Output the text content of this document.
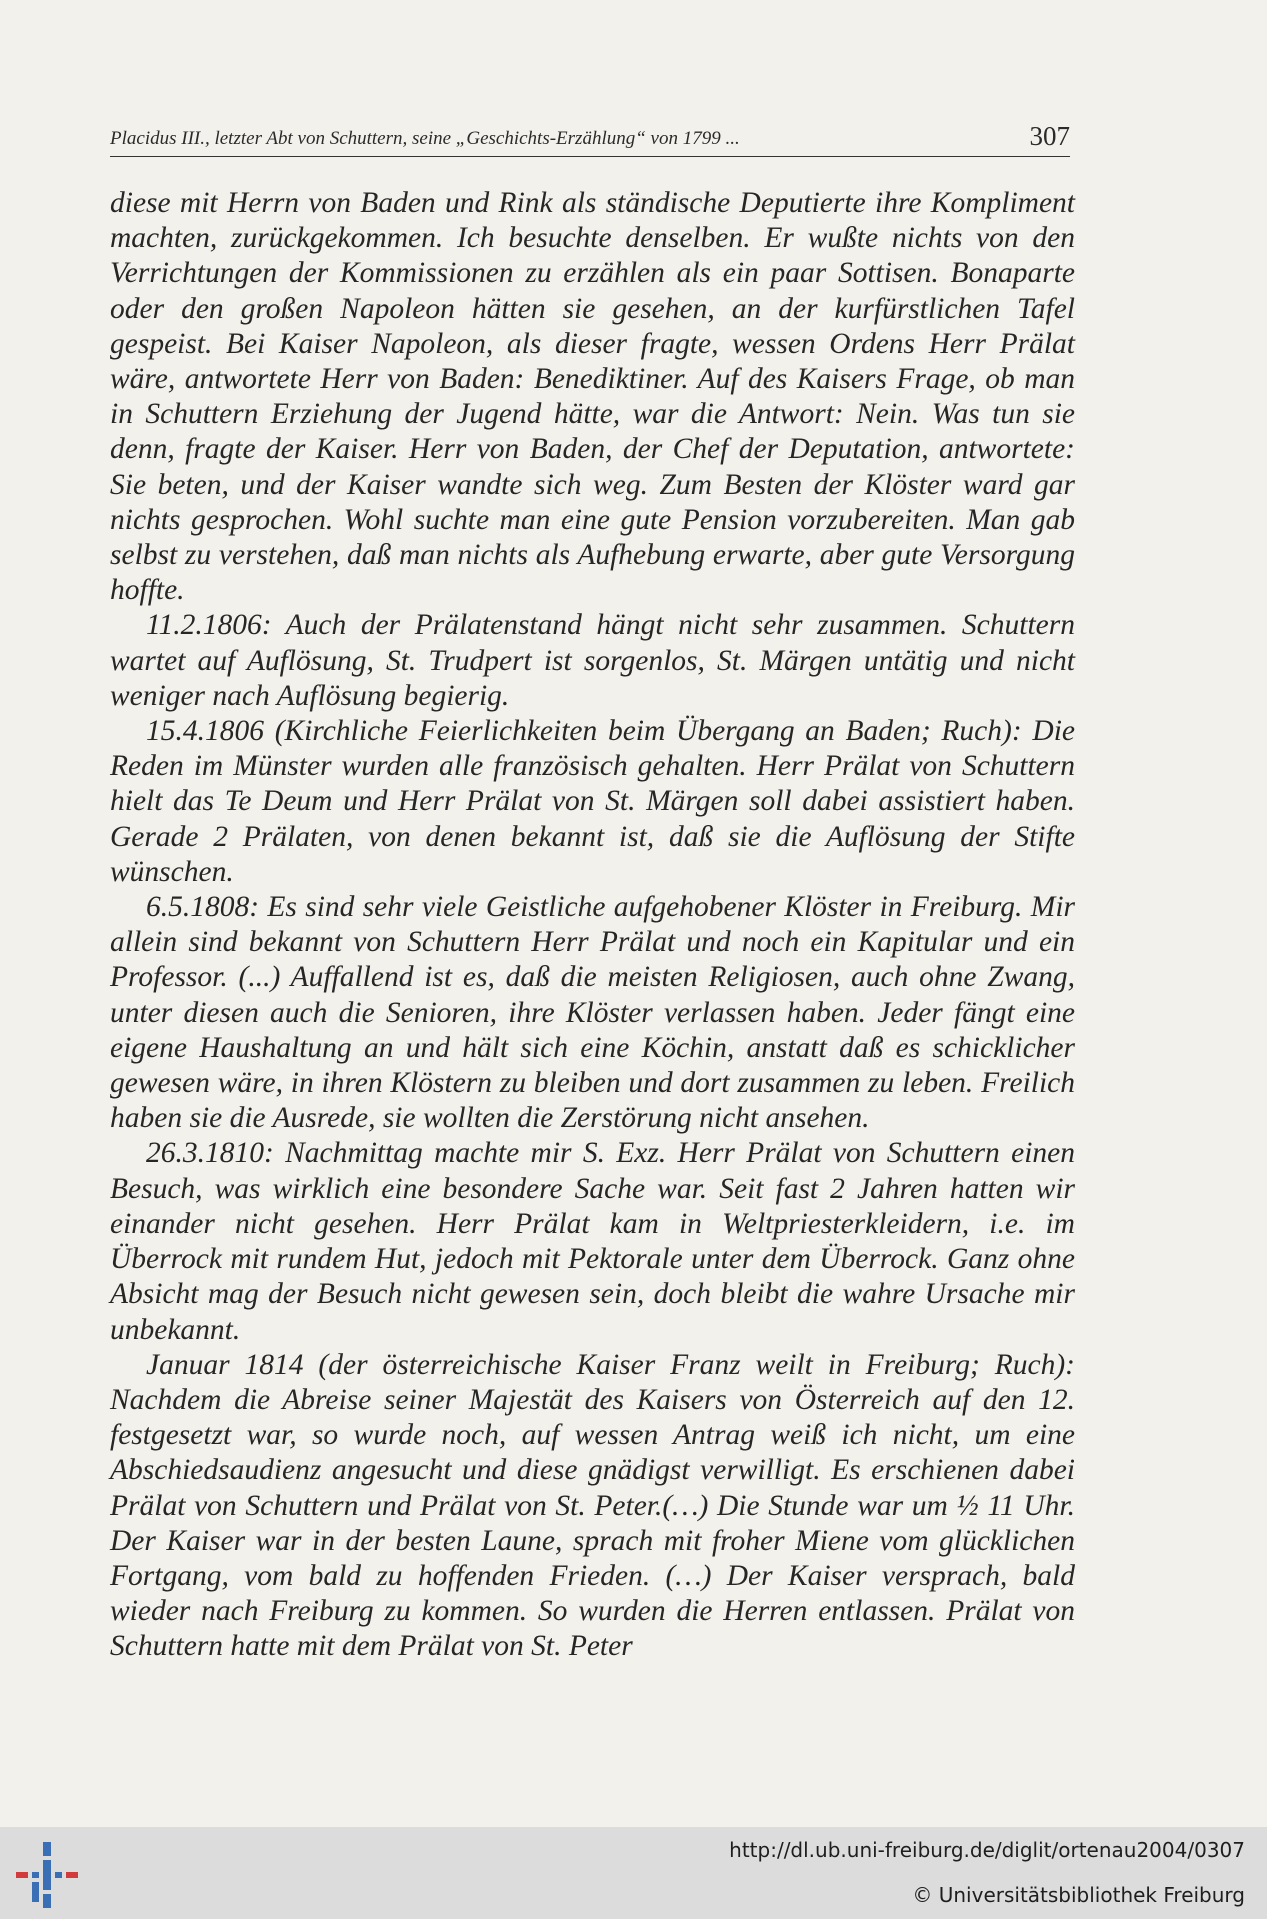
Placidus III., letzter Abt von Schuttern, seine „Geschichts-Erzählung“ von 1799 ...	307

diese mit Herrn von Baden und Rink als ständische Deputierte ihre Kompliment machten, zurückgekommen. Ich besuchte denselben. Er wußte nichts von den Verrichtungen der Kommissionen zu erzählen als ein paar Sottisen. Bonaparte oder den großen Napoleon hätten sie gesehen, an der kurfürstlichen Tafel gespeist. Bei Kaiser Napoleon, als dieser fragte, wessen Ordens Herr Prälat wäre, antwortete Herr von Baden: Benediktiner. Auf des Kaisers Frage, ob man in Schuttern Erziehung der Jugend hätte, war die Antwort: Nein. Was tun sie denn, fragte der Kaiser. Herr von Baden, der Chef der Deputation, antwortete: Sie beten, und der Kaiser wandte sich weg. Zum Besten der Klöster ward gar nichts gesprochen. Wohl suchte man eine gute Pension vorzubereiten. Man gab selbst zu verstehen, daß man nichts als Aufhebung erwarte, aber gute Versorgung hoffte.

11.2.1806: Auch der Prälatenstand hängt nicht sehr zusammen. Schuttern wartet auf Auflösung, St. Trudpert ist sorgenlos, St. Märgen untätig und nicht weniger nach Auflösung begierig.

15.4.1806 (Kirchliche Feierlichkeiten beim Übergang an Baden; Ruch): Die Reden im Münster wurden alle französisch gehalten. Herr Prälat von Schuttern hielt das Te Deum und Herr Prälat von St. Märgen soll dabei assistiert haben. Gerade 2 Prälaten, von denen bekannt ist, daß sie die Auflösung der Stifte wünschen.

6.5.1808: Es sind sehr viele Geistliche aufgehobener Klöster in Freiburg. Mir allein sind bekannt von Schuttern Herr Prälat und noch ein Kapitular und ein Professor. (...) Auffallend ist es, daß die meisten Religiosen, auch ohne Zwang, unter diesen auch die Senioren, ihre Klöster verlassen haben. Jeder fängt eine eigene Haushaltung an und hält sich eine Köchin, anstatt daß es schicklicher gewesen wäre, in ihren Klöstern zu bleiben und dort zusammen zu leben. Freilich haben sie die Ausrede, sie wollten die Zerstörung nicht ansehen.

26.3.1810: Nachmittag machte mir S. Exz. Herr Prälat von Schuttern einen Besuch, was wirklich eine besondere Sache war. Seit fast 2 Jahren hatten wir einander nicht gesehen. Herr Prälat kam in Weltpriesterkleidern, i.e. im Überrock mit rundem Hut, jedoch mit Pektorale unter dem Überrock. Ganz ohne Absicht mag der Besuch nicht gewesen sein, doch bleibt die wahre Ursache mir unbekannt.

Januar 1814 (der österreichische Kaiser Franz weilt in Freiburg; Ruch): Nachdem die Abreise seiner Majestät des Kaisers von Österreich auf den 12. festgesetzt war, so wurde noch, auf wessen Antrag weiß ich nicht, um eine Abschiedsaudienz angesucht und diese gnädigst verwilligt. Es erschienen dabei Prälat von Schuttern und Prälat von St. Peter.(…) Die Stunde war um ½ 11 Uhr. Der Kaiser war in der besten Laune, sprach mit froher Miene vom glücklichen Fortgang, vom bald zu hoffenden Frieden. (…) Der Kaiser versprach, bald wieder nach Freiburg zu kommen. So wurden die Herren entlassen. Prälat von Schuttern hatte mit dem Prälat von St. Peter

http://dl.ub.uni-freiburg.de/diglit/ortenau2004/0307
© Universitätsbibliothek Freiburg
